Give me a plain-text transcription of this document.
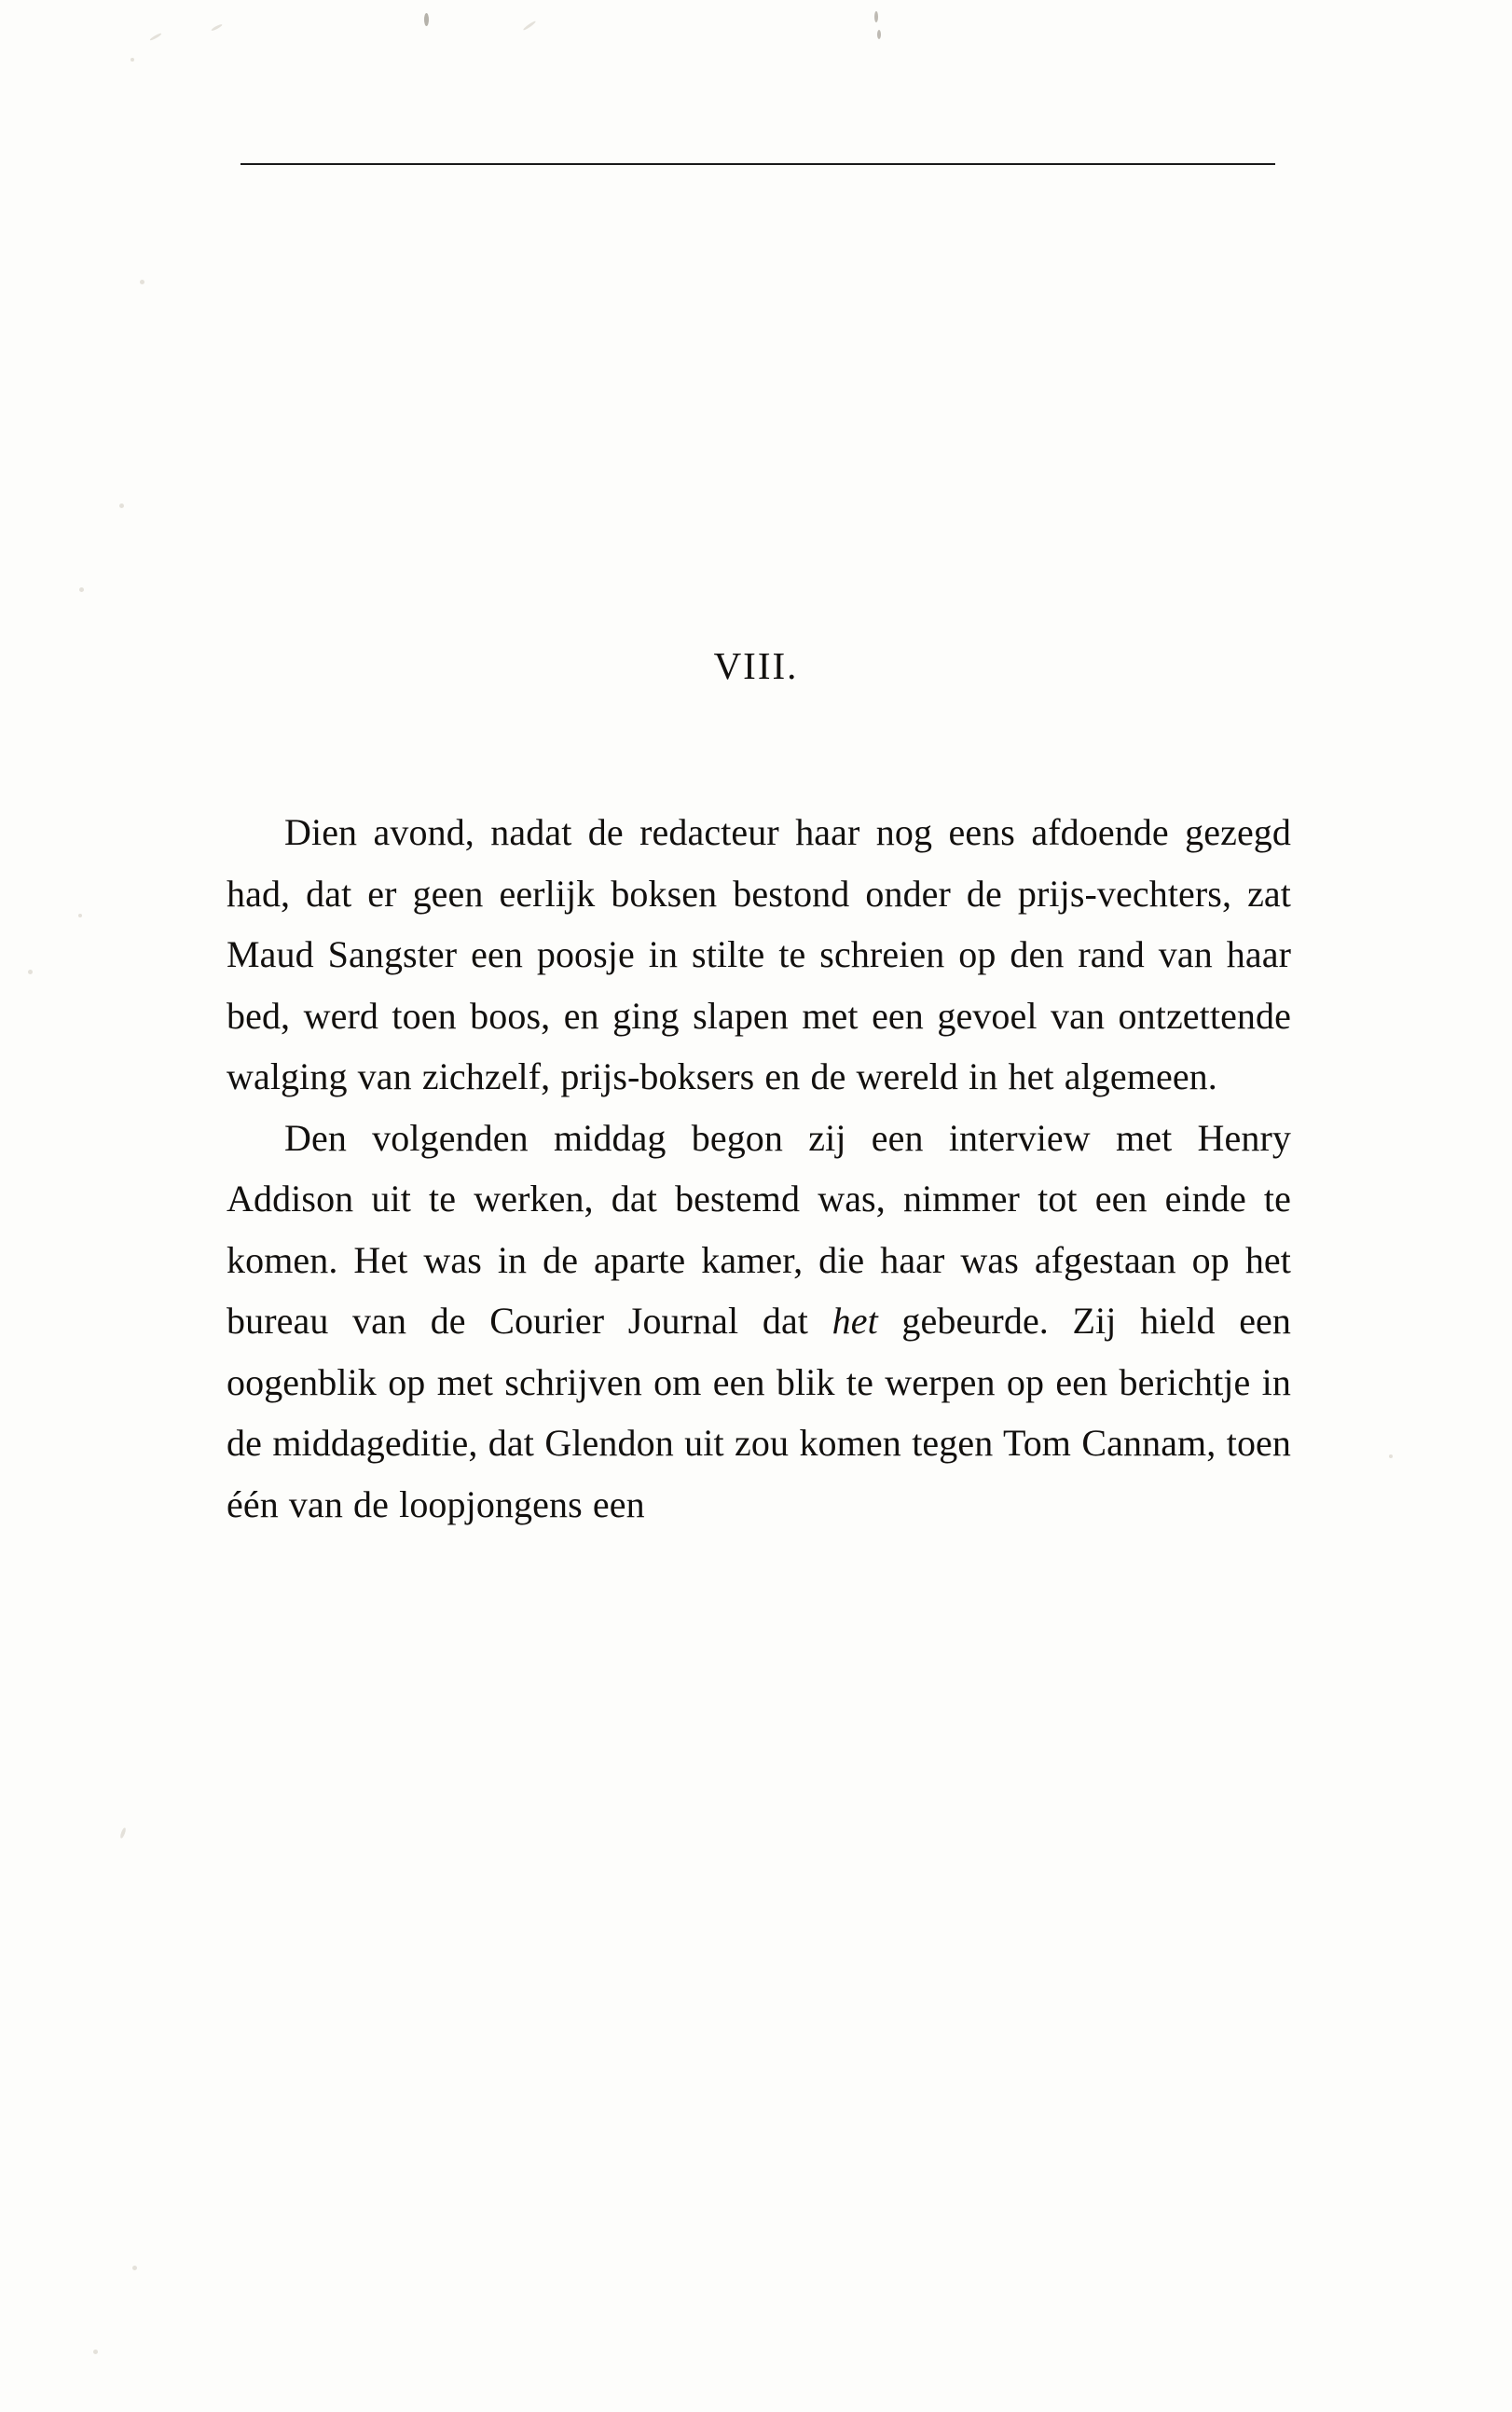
VIII.

Dien avond, nadat de redacteur haar nog eens afdoende gezegd had, dat er geen eerlijk boksen bestond onder de prijs-vechters, zat Maud Sangster een poosje in stilte te schreien op den rand van haar bed, werd toen boos, en ging slapen met een gevoel van ontzettende walging van zichzelf, prijs-boksers en de wereld in het algemeen.

Den volgenden middag begon zij een interview met Henry Addison uit te werken, dat bestemd was, nimmer tot een einde te komen. Het was in de aparte kamer, die haar was afgestaan op het bureau van de Courier Journal dat het gebeurde. Zij hield een oogenblik op met schrijven om een blik te werpen op een berichtje in de middageditie, dat Glendon uit zou komen tegen Tom Cannam, toen één van de loopjongens een
